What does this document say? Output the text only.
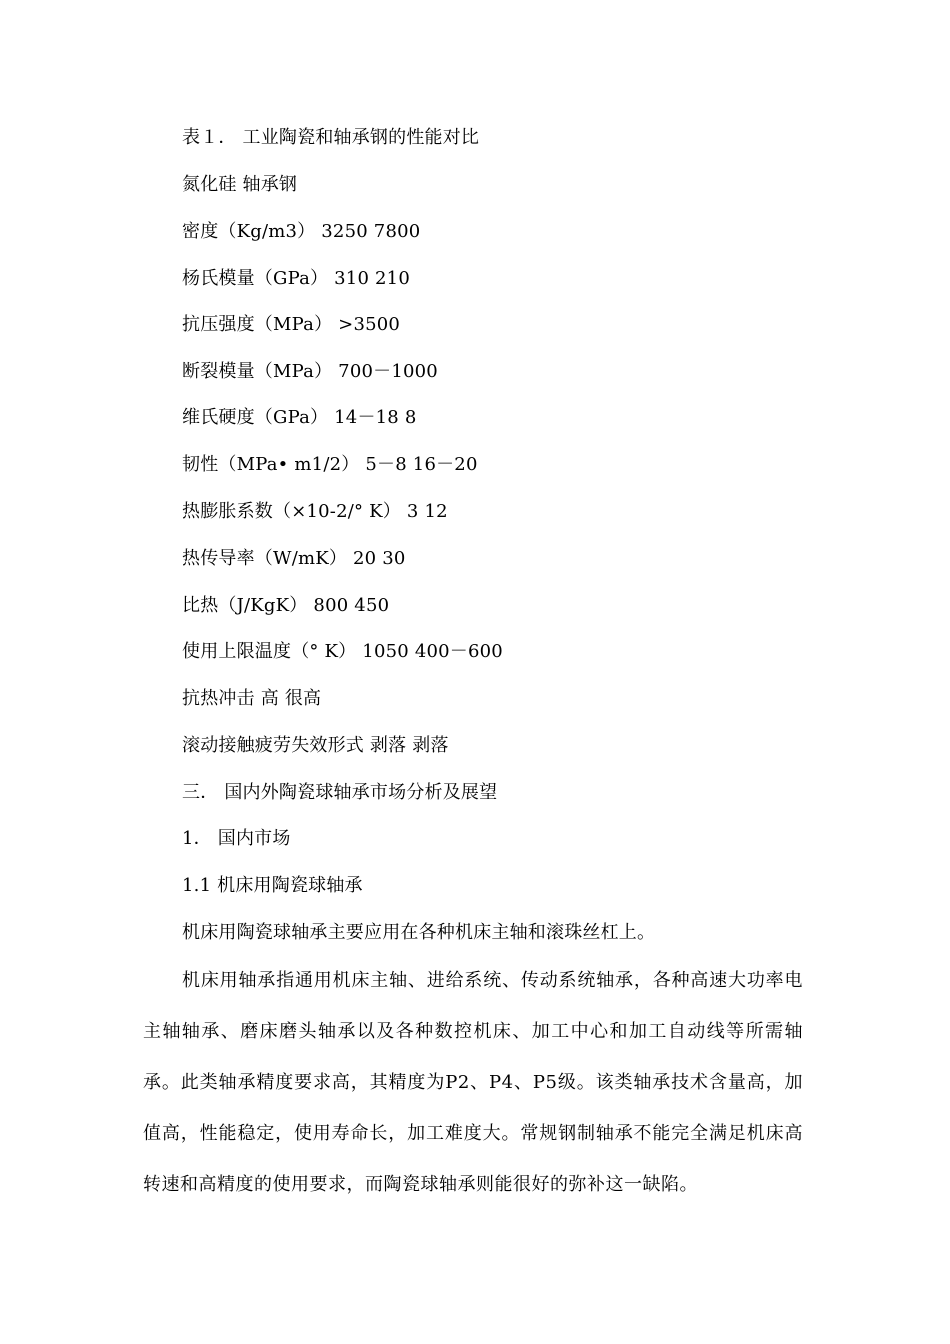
表１． 工业陶瓷和轴承钢的性能对比
氮化硅 轴承钢
密度（Kg/m3） 3250 7800
杨氏模量（GPa） 310 210
抗压强度（MPa） >3500
断裂模量（MPa） 700－1000
维氏硬度（GPa） 14－18 8
韧性（MPa• m1/2） 5－8 16－20
热膨胀系数（×10-2/° K） 3 12
热传导率（W/mK） 20 30
比热（J/KgK） 800 450
使用上限温度（° K） 1050 400－600
抗热冲击 高 很高
滚动接触疲劳失效形式 剥落 剥落
三． 国内外陶瓷球轴承市场分析及展望
1． 国内市场
1.1 机床用陶瓷球轴承
机床用陶瓷球轴承主要应用在各种机床主轴和滚珠丝杠上。
机床用轴承指通用机床主轴、进给系统、传动系统轴承，各种高速大功率电主轴轴承、磨床磨头轴承以及各种数控机床、加工中心和加工自动线等所需轴承。此类轴承精度要求高，其精度为P2、P4、P5级。该类轴承技术含量高，加值高，性能稳定，使用寿命长，加工难度大。常规钢制轴承不能完全满足机床高转速和高精度的使用要求，而陶瓷球轴承则能很好的弥补这一缺陷。
